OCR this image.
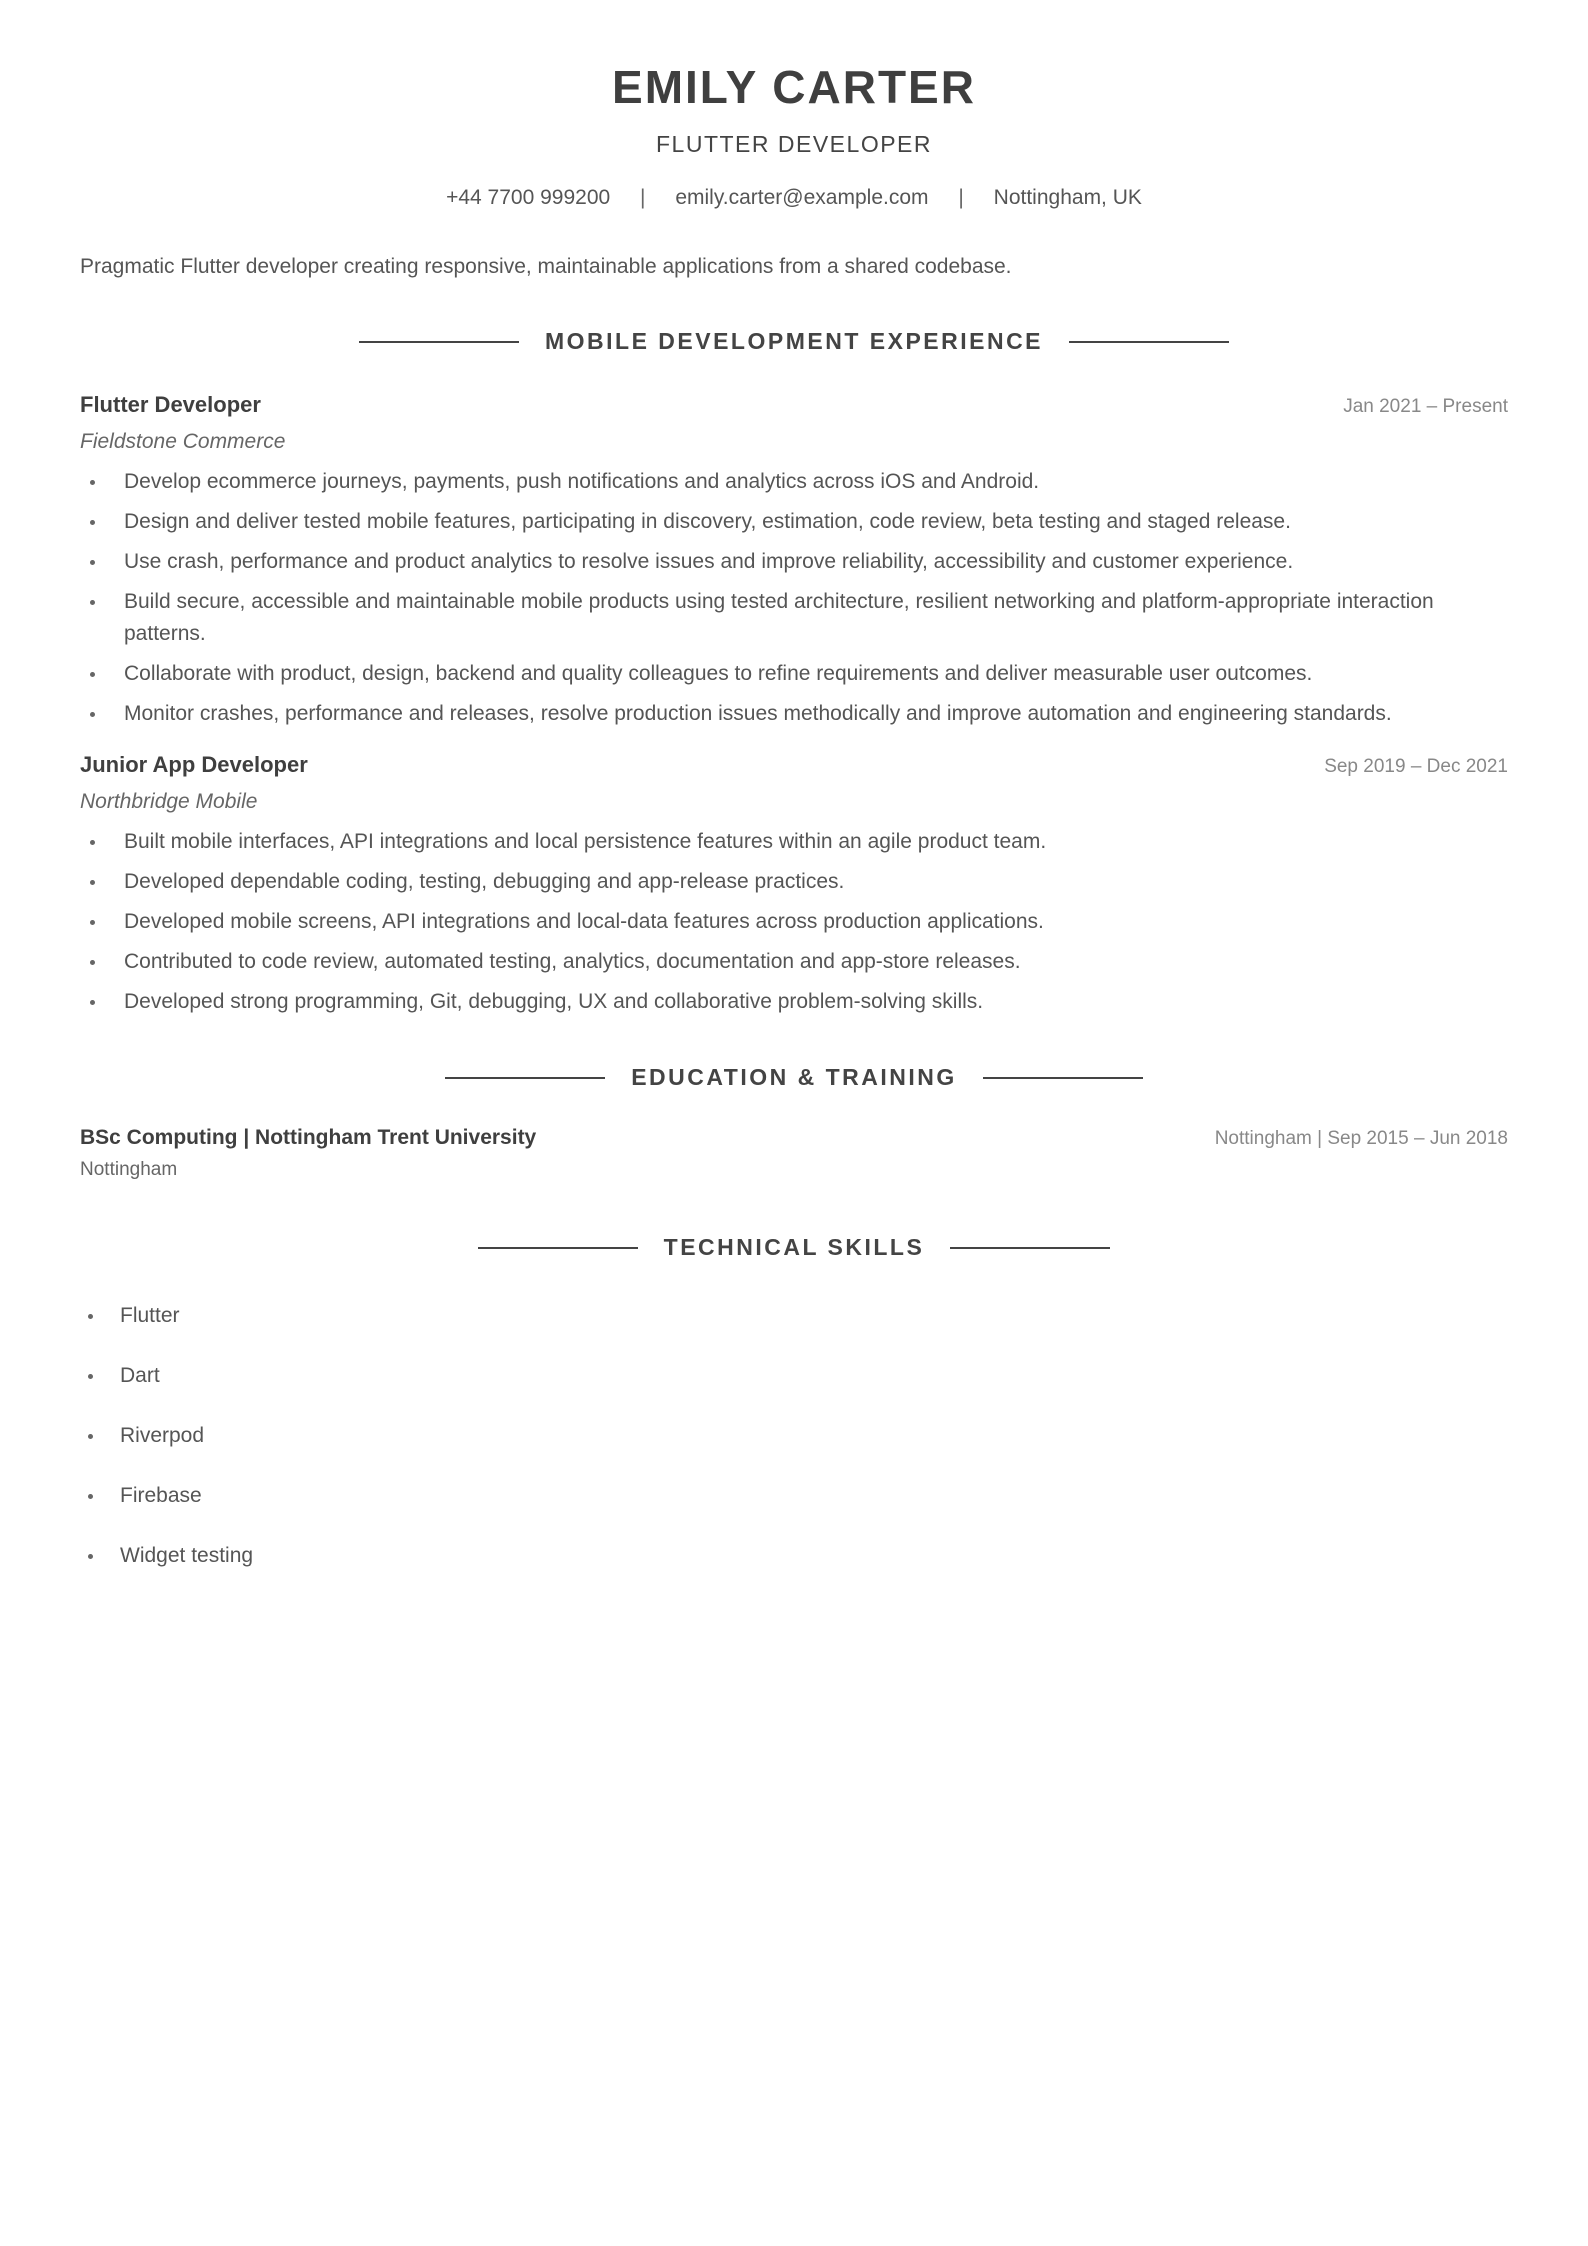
EMILY CARTER
FLUTTER DEVELOPER
+44 7700 999200 | emily.carter@example.com | Nottingham, UK
Pragmatic Flutter developer creating responsive, maintainable applications from a shared codebase.
MOBILE DEVELOPMENT EXPERIENCE
Flutter Developer	Jan 2021 – Present
Fieldstone Commerce
Develop ecommerce journeys, payments, push notifications and analytics across iOS and Android.
Design and deliver tested mobile features, participating in discovery, estimation, code review, beta testing and staged release.
Use crash, performance and product analytics to resolve issues and improve reliability, accessibility and customer experience.
Build secure, accessible and maintainable mobile products using tested architecture, resilient networking and platform-appropriate interaction patterns.
Collaborate with product, design, backend and quality colleagues to refine requirements and deliver measurable user outcomes.
Monitor crashes, performance and releases, resolve production issues methodically and improve automation and engineering standards.
Junior App Developer	Sep 2019 – Dec 2021
Northbridge Mobile
Built mobile interfaces, API integrations and local persistence features within an agile product team.
Developed dependable coding, testing, debugging and app-release practices.
Developed mobile screens, API integrations and local-data features across production applications.
Contributed to code review, automated testing, analytics, documentation and app-store releases.
Developed strong programming, Git, debugging, UX and collaborative problem-solving skills.
EDUCATION & TRAINING
BSc Computing | Nottingham Trent University	Nottingham | Sep 2015 – Jun 2018
Nottingham
TECHNICAL SKILLS
Flutter
Dart
Riverpod
Firebase
Widget testing
